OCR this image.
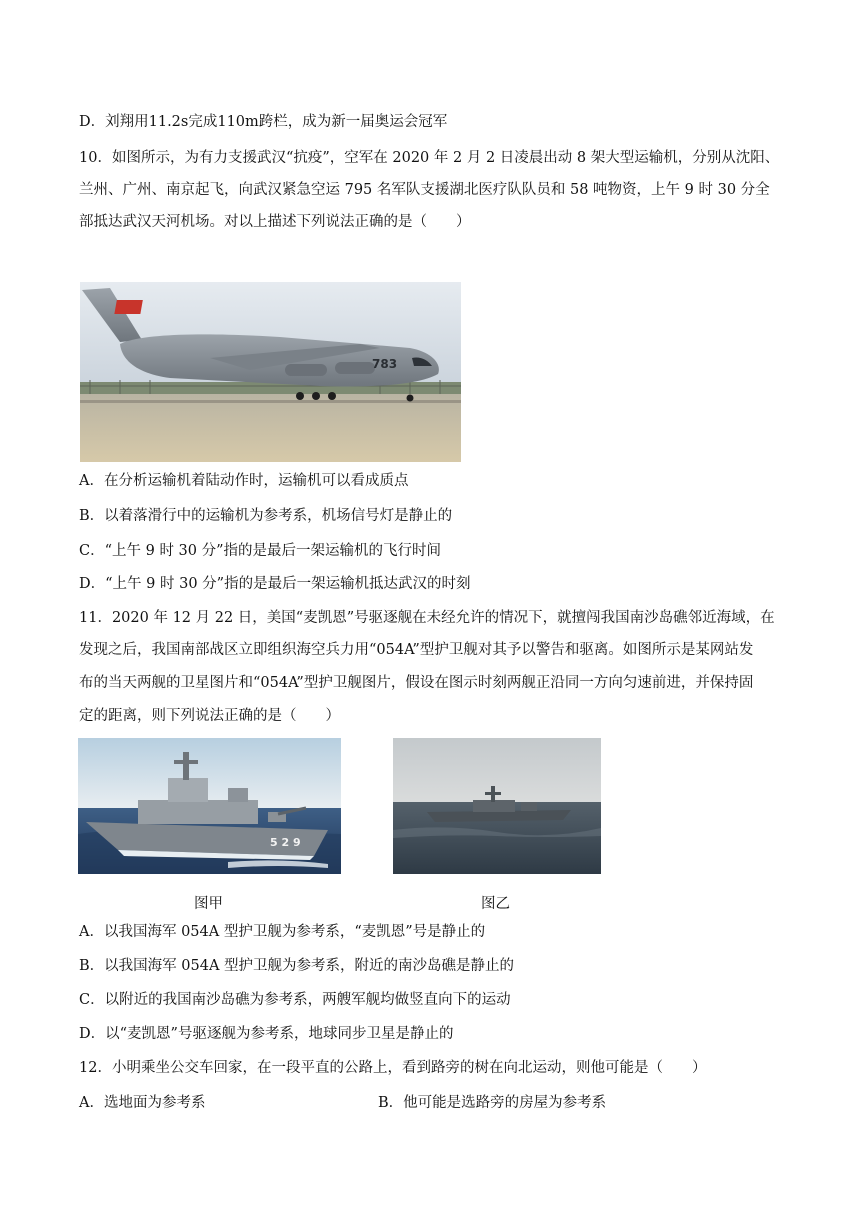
D．刘翔用11.2s完成110m跨栏，成为新一届奥运会冠军
10．如图所示，为有力支援武汉“抗疫”，空军在 2020 年 2 月 2 日凌晨出动 8 架大型运输机，分别从沈阳、
兰州、广州、南京起飞，向武汉紧急空运 795 名军队支援湖北医疗队队员和 58 吨物资，上午 9 时 30 分全
部抵达武汉天河机场。对以上描述下列说法正确的是（　　）
783
A．在分析运输机着陆动作时，运输机可以看成质点
B．以着落滑行中的运输机为参考系，机场信号灯是静止的
C．“上午 9 时 30 分”指的是最后一架运输机的飞行时间
D．“上午 9 时 30 分”指的是最后一架运输机抵达武汉的时刻
11．2020 年 12 月 22 日，美国“麦凯恩”号驱逐舰在未经允许的情况下，就擅闯我国南沙岛礁邻近海域，在
发现之后，我国南部战区立即组织海空兵力用“054A”型护卫舰对其予以警告和驱离。如图所示是某网站发
布的当天两舰的卫星图片和“054A”型护卫舰图片，假设在图示时刻两舰正沿同一方向匀速前进，并保持固
定的距离，则下列说法正确的是（　　）
5 2 9
图甲	图乙
A．以我国海军 054A 型护卫舰为参考系，“麦凯恩”号是静止的
B．以我国海军 054A 型护卫舰为参考系，附近的南沙岛礁是静止的
C．以附近的我国南沙岛礁为参考系，两艘军舰均做竖直向下的运动
D．以“麦凯恩”号驱逐舰为参考系，地球同步卫星是静止的
12．小明乘坐公交车回家，在一段平直的公路上，看到路旁的树在向北运动，则他可能是（　　）
A．选地面为参考系	B．他可能是选路旁的房屋为参考系
